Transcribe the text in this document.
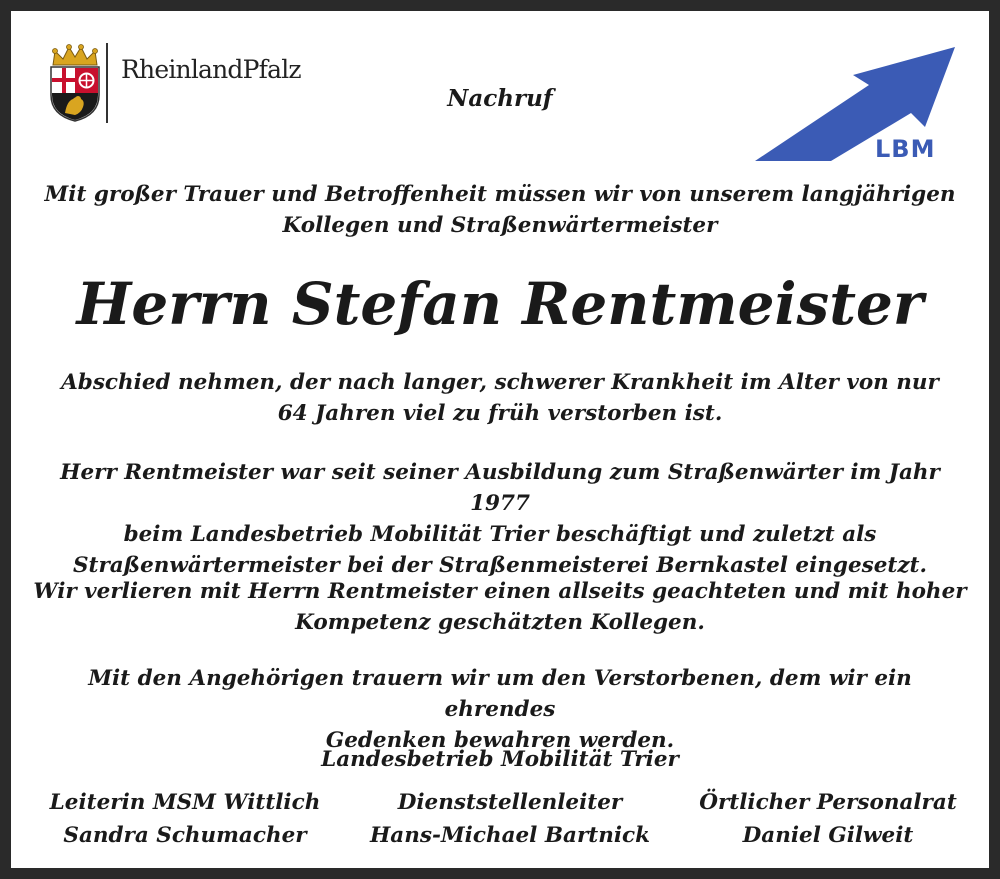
RheinlandPfalz
Nachruf
LBM
Mit großer Trauer und Betroffenheit müssen wir von unserem langjährigen
Kollegen und Straßenwärtermeister
Herrn Stefan Rentmeister
Abschied nehmen, der nach langer, schwerer Krankheit im Alter von nur
64 Jahren viel zu früh verstorben ist.
Herr Rentmeister war seit seiner Ausbildung zum Straßenwärter im Jahr 1977
beim Landesbetrieb Mobilität Trier beschäftigt und zuletzt als
Straßenwärtermeister bei der Straßenmeisterei Bernkastel eingesetzt.
Wir verlieren mit Herrn Rentmeister einen allseits geachteten und mit hoher
Kompetenz geschätzten Kollegen.
Mit den Angehörigen trauern wir um den Verstorbenen, dem wir ein ehrendes
Gedenken bewahren werden.
Landesbetrieb Mobilität Trier
Leiterin MSM Wittlich
Sandra Schumacher
Dienststellenleiter
Hans-Michael Bartnick
Örtlicher Personalrat
Daniel Gilweit
